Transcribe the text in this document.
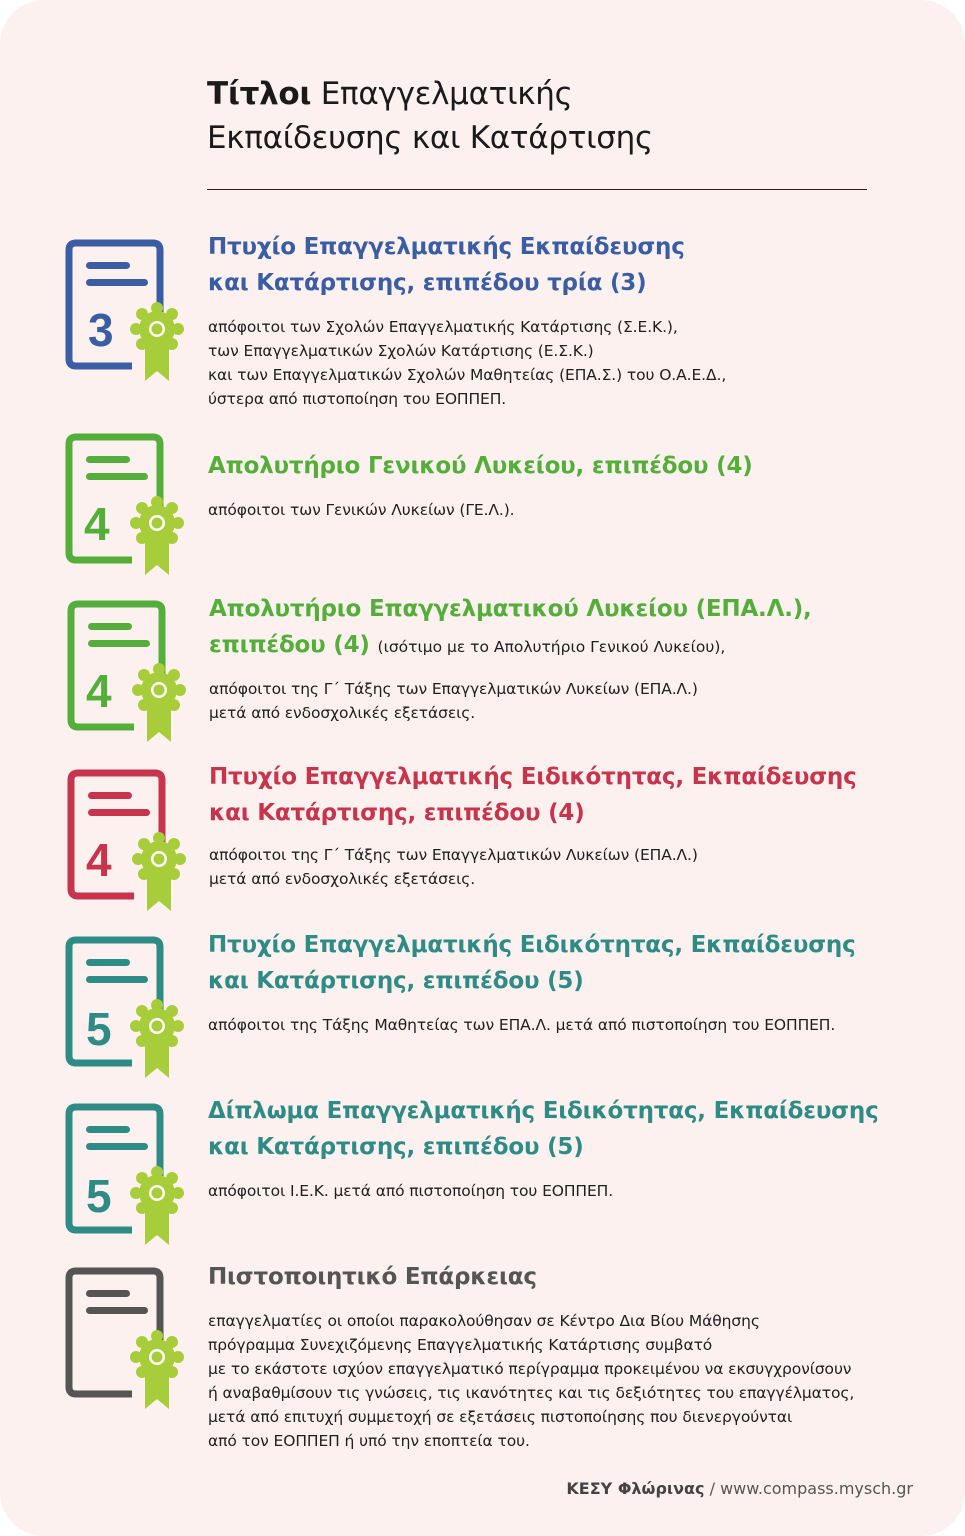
Τίτλοι Επαγγελματικής
Εκπαίδευσης και Κατάρτισης
3
Πτυχίο Επαγγελματικής Εκπαίδευσης
και Κατάρτισης, επιπέδου τρία (3)

απόφοιτοι των Σχολών Επαγγελματικής Κατάρτισης (Σ.Ε.Κ.),
των Επαγγελματικών Σχολών Κατάρτισης (Ε.Σ.Κ.)
και των Επαγγελματικών Σχολών Μαθητείας (ΕΠΑ.Σ.) του Ο.Α.Ε.Δ.,
ύστερα από πιστοποίηση του ΕΟΠΠΕΠ.

4
Απολυτήριο Γενικού Λυκείου, επιπέδου (4)

απόφοιτοι των Γενικών Λυκείων (ΓΕ.Λ.).

4
Απολυτήριο Επαγγελματικού Λυκείου (ΕΠΑ.Λ.),
επιπέδου (4) (ισότιμο με το Απολυτήριο Γενικού Λυκείου),

απόφοιτοι της Γ΄ Τάξης των Επαγγελματικών Λυκείων (ΕΠΑ.Λ.)
μετά από ενδοσχολικές εξετάσεις.

4
Πτυχίο Επαγγελματικής Ειδικότητας, Εκπαίδευσης
και Κατάρτισης, επιπέδου (4)

απόφοιτοι της Γ΄ Τάξης των Επαγγελματικών Λυκείων (ΕΠΑ.Λ.)
μετά από ενδοσχολικές εξετάσεις.

5
Πτυχίο Επαγγελματικής Ειδικότητας, Εκπαίδευσης
και Κατάρτισης, επιπέδου (5)

απόφοιτοι της Τάξης Μαθητείας των ΕΠΑ.Λ. μετά από πιστοποίηση του ΕΟΠΠΕΠ.

5
Δίπλωμα Επαγγελματικής Ειδικότητας, Εκπαίδευσης
και Κατάρτισης, επιπέδου (5)

απόφοιτοι Ι.Ε.Κ. μετά από πιστοποίηση του ΕΟΠΠΕΠ.

Πιστοποιητικό Επάρκειας

επαγγελματίες οι οποίοι παρακολούθησαν σε Κέντρο Δια Βίου Μάθησης
πρόγραμμα Συνεχιζόμενης Επαγγελματικής Κατάρτισης συμβατό
με το εκάστοτε ισχύον επαγγελματικό περίγραμμα προκειμένου να εκσυγχρονίσουν
ή αναβαθμίσουν τις γνώσεις, τις ικανότητες και τις δεξιότητες του επαγγέλματος,
μετά από επιτυχή συμμετοχή σε εξετάσεις πιστοποίησης που διενεργούνται
από τον ΕΟΠΠΕΠ ή υπό την εποπτεία του.

ΚΕΣΥ Φλώρινας / www.compass.mysch.gr
